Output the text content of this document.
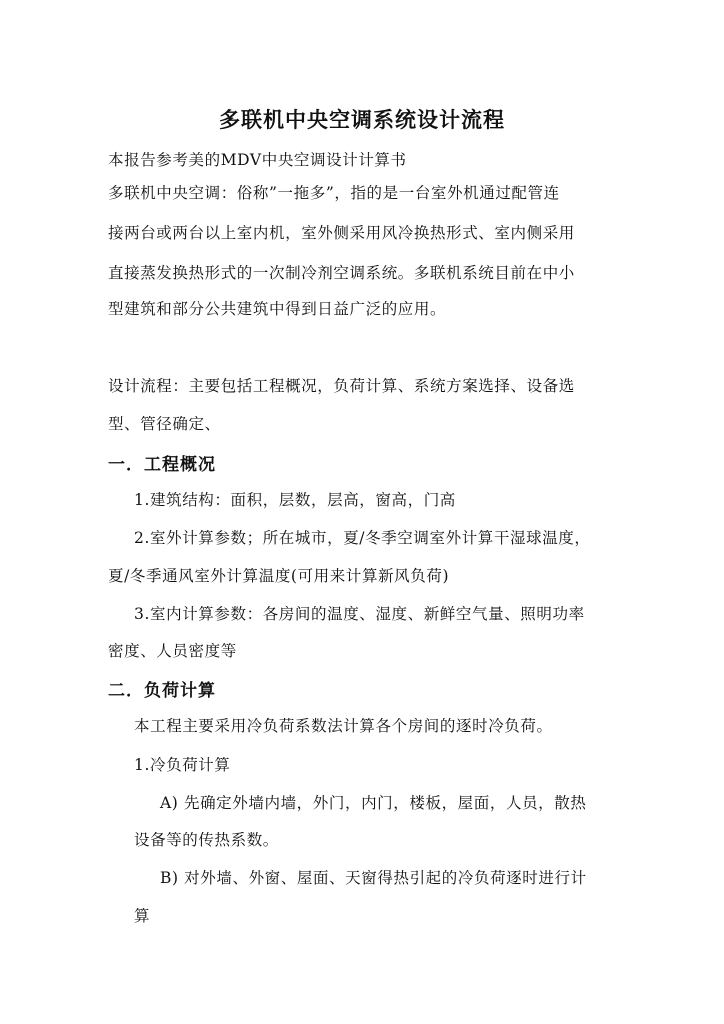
多联机中央空调系统设计流程
本报告参考美的MDV中央空调设计计算书
多联机中央空调：俗称”一拖多”，指的是一台室外机通过配管连
接两台或两台以上室内机，室外侧采用风冷换热形式、室内侧采用
直接蒸发换热形式的一次制冷剂空调系统。多联机系统目前在中小
型建筑和部分公共建筑中得到日益广泛的应用。
设计流程：主要包括工程概况，负荷计算、系统方案选择、设备选
型、管径确定、
一．工程概况
1.建筑结构：面积，层数，层高，窗高，门高
2.室外计算参数；所在城市，夏/冬季空调室外计算干湿球温度，
夏/冬季通风室外计算温度(可用来计算新风负荷)
3.室内计算参数：各房间的温度、湿度、新鲜空气量、照明功率
密度、人员密度等
二．负荷计算
本工程主要采用冷负荷系数法计算各个房间的逐时冷负荷。
1.冷负荷计算
A) 先确定外墙内墙，外门，内门，楼板，屋面，人员，散热
设备等的传热系数。
B) 对外墙、外窗、屋面、天窗得热引起的冷负荷逐时进行计
算
